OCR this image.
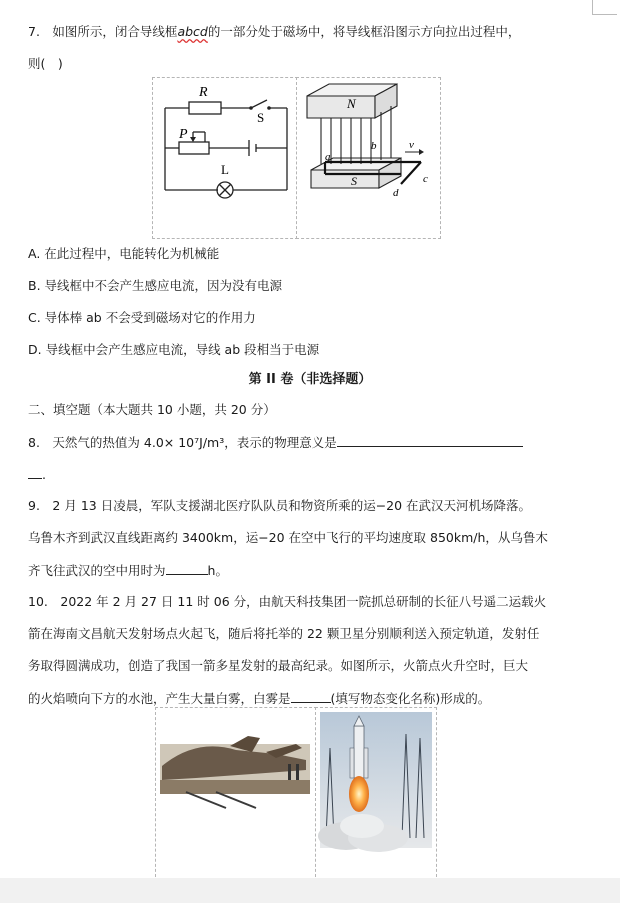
7.　如图所示，闭合导线框abcd的一部分处于磁场中，将导线框沿图示方向拉出过程中，
则(　)
R
S
P
L
N
b
a
v
S	c
d
A. 在此过程中，电能转化为机械能
B. 导线框中不会产生感应电流，因为没有电源
C. 导体棒 ab 不会受到磁场对它的作用力
D. 导线框中会产生感应电流，导线 ab 段相当于电源
第 II 卷（非选择题）
二、填空题（本大题共 10 小题，共 20 分）
8.　天然气的热值为 4.0× 10⁷J/m³，表示的物理意义是
.
9.　2 月 13 日凌晨，军队支援湖北医疗队队员和物资所乘的运−20 在武汉天河机场降落。
乌鲁木齐到武汉直线距离约 3400km，运−20 在空中飞行的平均速度取 850km/h，从乌鲁木
齐飞往武汉的空中用时为	h。
10.　2022 年 2 月 27 日 11 时 06 分，由航天科技集团一院抓总研制的长征八号遥二运载火
箭在海南文昌航天发射场点火起飞，随后将托举的 22 颗卫星分别顺利送入预定轨道，发射任
务取得圆满成功，创造了我国一箭多星发射的最高纪录。如图所示，火箭点火升空时，巨大
的火焰喷向下方的水池，产生大量白雾，白雾是	(填写物态变化名称)形成的。
